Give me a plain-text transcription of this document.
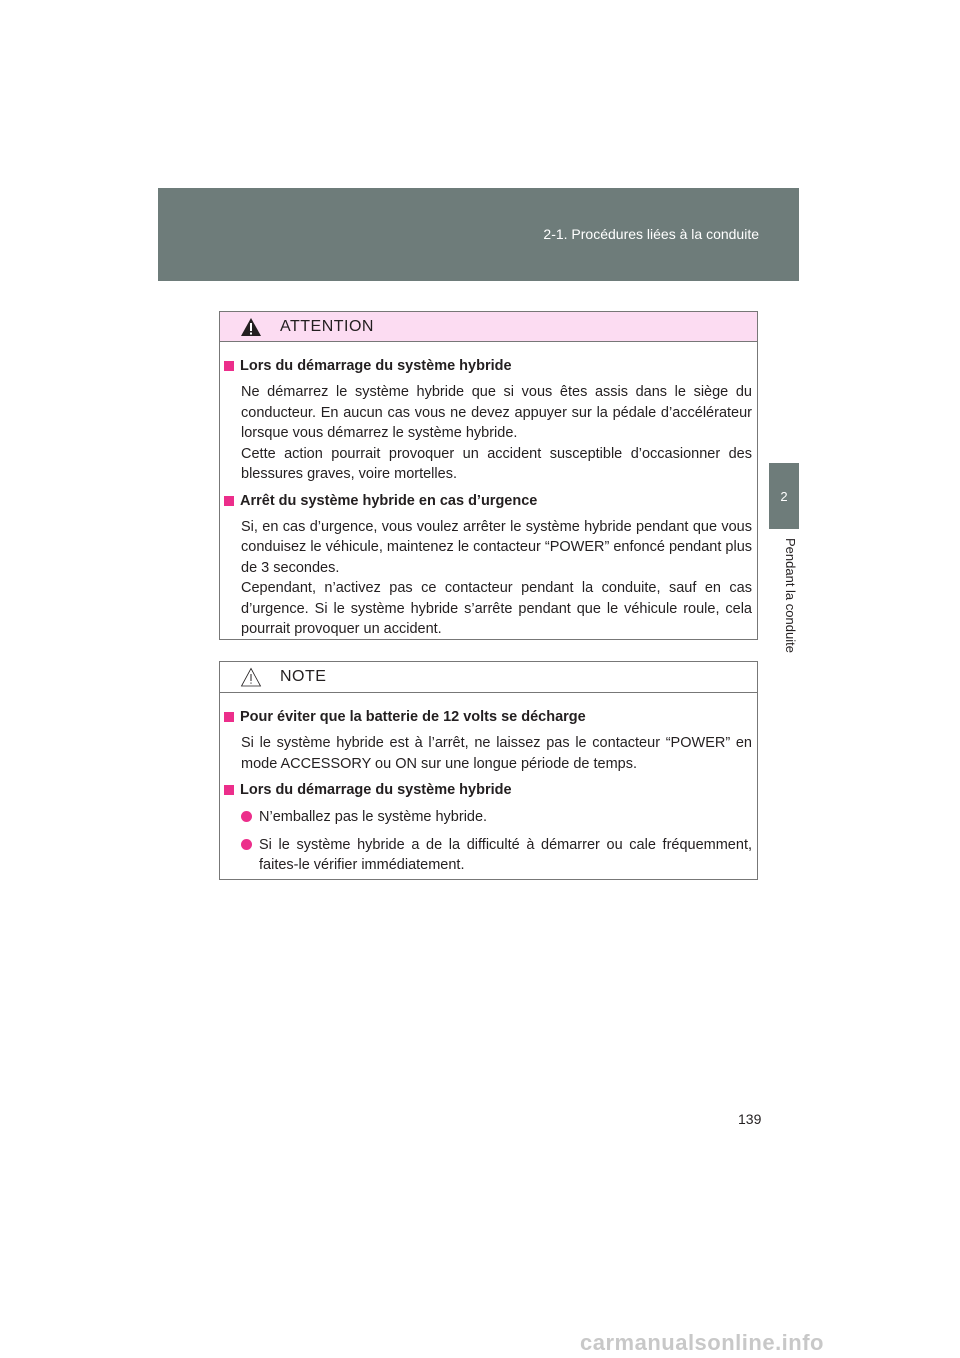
2-1. Procédures liées à la conduite
2
Pendant la conduite
ATTENTION
Lors du démarrage du système hybride
Ne démarrez le système hybride que si vous êtes assis dans le siège du conducteur. En aucun cas vous ne devez appuyer sur la pédale d’accélérateur lorsque vous démarrez le système hybride.
Cette action pourrait provoquer un accident susceptible d’occasionner des blessures graves, voire mortelles.
Arrêt du système hybride en cas d’urgence
Si, en cas d’urgence, vous voulez arrêter le système hybride pendant que vous conduisez le véhicule, maintenez le contacteur “POWER” enfoncé pendant plus de 3 secondes.
Cependant, n’activez pas ce contacteur pendant la conduite, sauf en cas d’urgence. Si le système hybride s’arrête pendant que le véhicule roule, cela pourrait provoquer un accident.
NOTE
Pour éviter que la batterie de 12 volts se décharge
Si le système hybride est à l’arrêt, ne laissez pas le contacteur “POWER” en mode ACCESSORY ou ON sur une longue période de temps.
Lors du démarrage du système hybride
N’emballez pas le système hybride.
Si le système hybride a de la difficulté à démarrer ou cale fréquemment, faites-le vérifier immédiatement.
139
carmanualsonline.info
